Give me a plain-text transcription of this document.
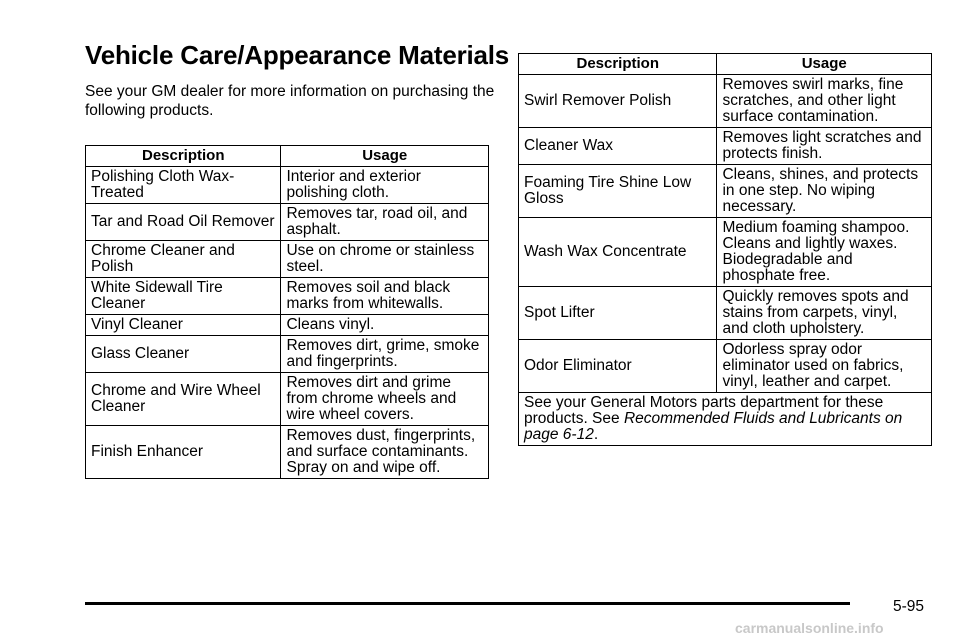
Vehicle Care/Appearance Materials
See your GM dealer for more information on purchasing the following products.
Description	Usage
Polishing Cloth Wax-Treated	Interior and exterior polishing cloth.
Tar and Road Oil Remover	Removes tar, road oil, and asphalt.
Chrome Cleaner and Polish	Use on chrome or stainless steel.
White Sidewall Tire Cleaner	Removes soil and black marks from whitewalls.
Vinyl Cleaner	Cleans vinyl.
Glass Cleaner	Removes dirt, grime, smoke and fingerprints.
Chrome and Wire Wheel Cleaner	Removes dirt and grime from chrome wheels and wire wheel covers.
Finish Enhancer	Removes dust, fingerprints, and surface contaminants. Spray on and wipe off.
Description	Usage
Swirl Remover Polish	Removes swirl marks, fine scratches, and other light surface contamination.
Cleaner Wax	Removes light scratches and protects finish.
Foaming Tire Shine Low Gloss	Cleans, shines, and protects in one step. No wiping necessary.
Wash Wax Concentrate	Medium foaming shampoo. Cleans and lightly waxes. Biodegradable and phosphate free.
Spot Lifter	Quickly removes spots and stains from carpets, vinyl, and cloth upholstery.
Odor Eliminator	Odorless spray odor eliminator used on fabrics, vinyl, leather and carpet.
See your General Motors parts department for these products. See Recommended Fluids and Lubricants on page 6-12.	
5-95
carmanualsonline.info
